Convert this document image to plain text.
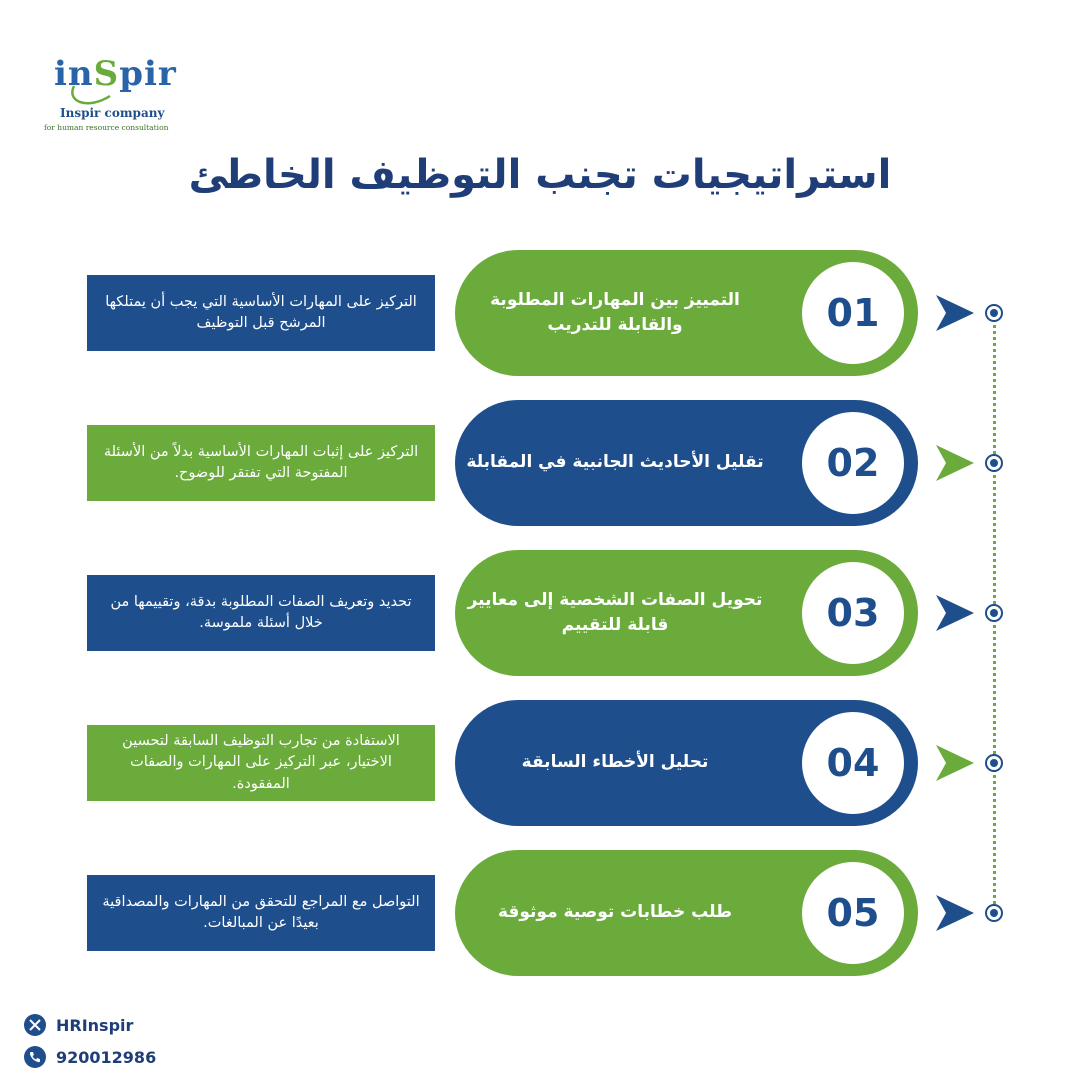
inSpir
Inspir company
for human resource consultation
استراتيجيات تجنب التوظيف الخاطئ
التمييز بين المهارات المطلوبة والقابلة للتدريب	01
التركيز على المهارات الأساسية التي يجب أن يمتلكها المرشح قبل التوظيف
تقليل الأحاديث الجانبية في المقابلة	02
التركيز على إثبات المهارات الأساسية بدلاً من الأسئلة المفتوحة التي تفتقر للوضوح.
تحويل الصفات الشخصية إلى معايير قابلة للتقييم	03
تحديد وتعريف الصفات المطلوبة بدقة، وتقييمها من خلال أسئلة ملموسة.
تحليل الأخطاء السابقة	04
الاستفادة من تجارب التوظيف السابقة لتحسين الاختيار، عبر التركيز على المهارات والصفات المفقودة.
طلب خطابات توصية موثوقة	05
التواصل مع المراجع للتحقق من المهارات والمصداقية بعيدًا عن المبالغات.
HRInspir
920012986
